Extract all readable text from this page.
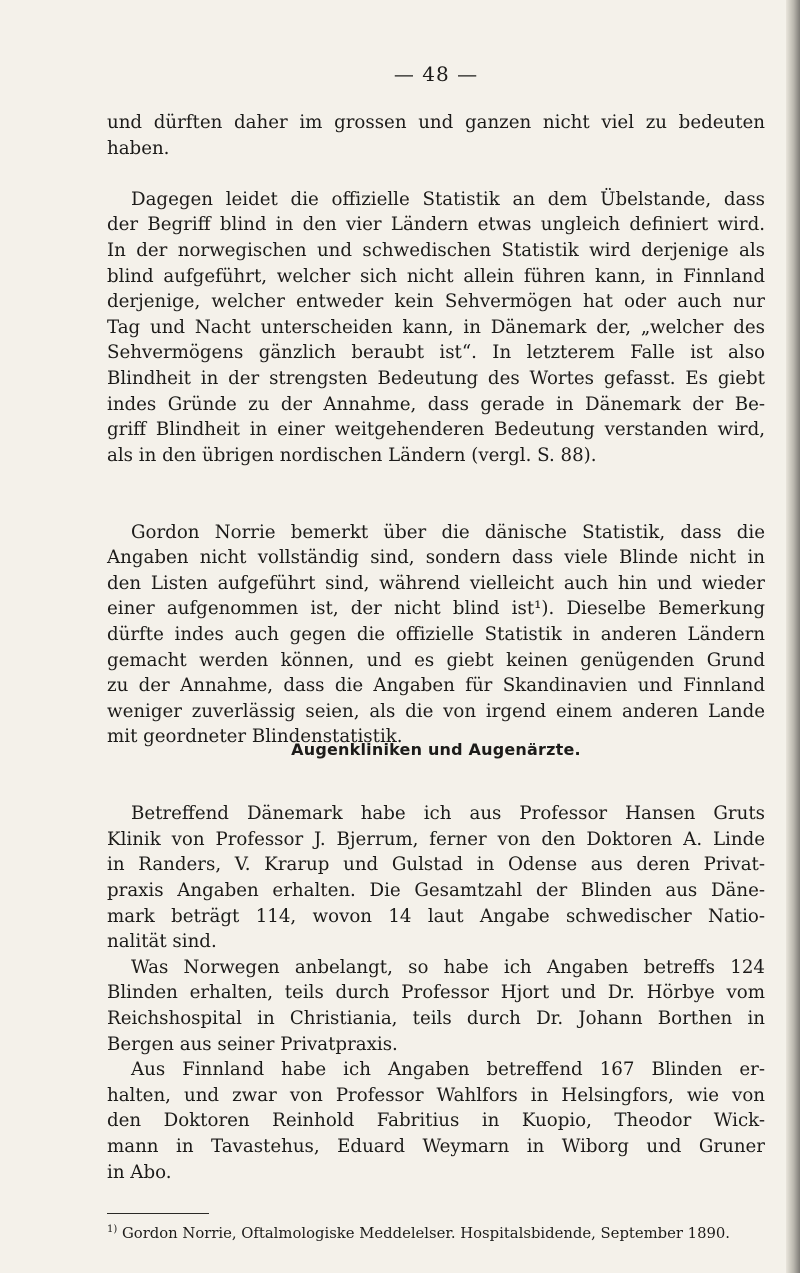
— 48 —
und dürften daher im grossen und ganzen nicht viel zu bedeuten
haben.
Dagegen leidet die offizielle Statistik an dem Übelstande, dass
der Begriff blind in den vier Ländern etwas ungleich definiert wird.
In der norwegischen und schwedischen Statistik wird derjenige als
blind aufgeführt, welcher sich nicht allein führen kann, in Finnland
derjenige, welcher entweder kein Sehvermögen hat oder auch nur
Tag und Nacht unterscheiden kann, in Dänemark der, „welcher des
Sehvermögens gänzlich beraubt ist“. In letzterem Falle ist also
Blindheit in der strengsten Bedeutung des Wortes gefasst. Es giebt
indes Gründe zu der Annahme, dass gerade in Dänemark der Be-
griff Blindheit in einer weitgehenderen Bedeutung verstanden wird,
als in den übrigen nordischen Ländern (vergl. S. 88).
Gordon Norrie bemerkt über die dänische Statistik, dass die
Angaben nicht vollständig sind, sondern dass viele Blinde nicht in
den Listen aufgeführt sind, während vielleicht auch hin und wieder
einer aufgenommen ist, der nicht blind ist¹). Dieselbe Bemerkung
dürfte indes auch gegen die offizielle Statistik in anderen Ländern
gemacht werden können, und es giebt keinen genügenden Grund
zu der Annahme, dass die Angaben für Skandinavien und Finnland
weniger zuverlässig seien, als die von irgend einem anderen Lande
mit geordneter Blindenstatistik.
Augenkliniken und Augenärzte.
Betreffend Dänemark habe ich aus Professor Hansen Gruts
Klinik von Professor J. Bjerrum, ferner von den Doktoren A. Linde
in Randers, V. Krarup und Gulstad in Odense aus deren Privat-
praxis Angaben erhalten. Die Gesamtzahl der Blinden aus Däne-
mark beträgt 114, wovon 14 laut Angabe schwedischer Natio-
nalität sind.
Was Norwegen anbelangt, so habe ich Angaben betreffs 124
Blinden erhalten, teils durch Professor Hjort und Dr. Hörbye vom
Reichshospital in Christiania, teils durch Dr. Johann Borthen in
Bergen aus seiner Privatpraxis.
Aus Finnland habe ich Angaben betreffend 167 Blinden er-
halten, und zwar von Professor Wahlfors in Helsingfors, wie von
den Doktoren Reinhold Fabritius in Kuopio, Theodor Wick-
mann in Tavastehus, Eduard Weymarn in Wiborg und Gruner
in Abo.
$^{1)}$ Gordon Norrie, Oftalmologiske Meddelelser. Hospitalsbidende, September 1890.
